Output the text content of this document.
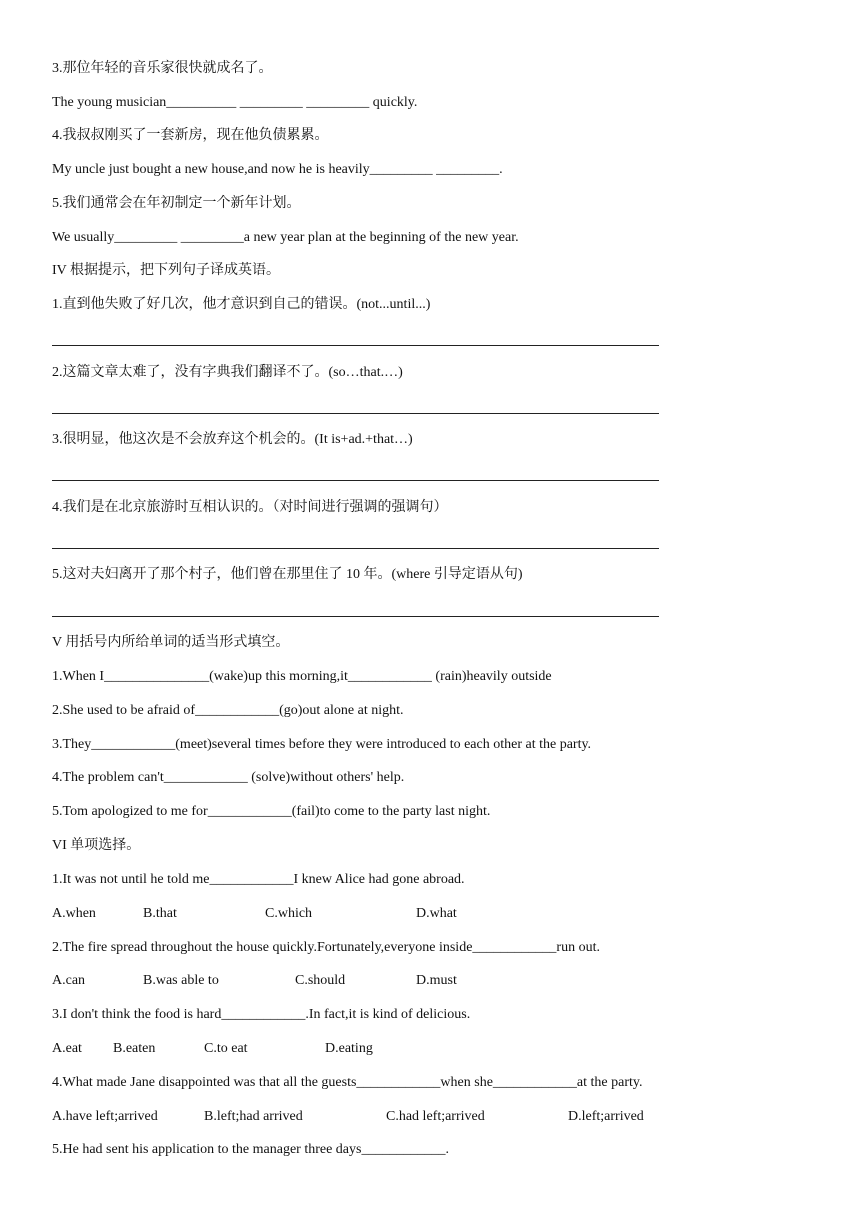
3.那位年轻的音乐家很快就成名了。
The young musician__________ _________ _________ quickly.
4.我叔叔刚买了一套新房，现在他负债累累。
My uncle just bought a new house,and now he is heavily_________ _________.
5.我们通常会在年初制定一个新年计划。
We usually_________ _________a new year plan at the beginning of the new year.
IV 根据提示，把下列句子译成英语。
1.直到他失败了好几次，他才意识到自己的错误。(not...until...)
2.这篇文章太难了，没有字典我们翻译不了。(so…that.…)
3.很明显，他这次是不会放弃这个机会的。(It is+ad.+that…)
4.我们是在北京旅游时互相认识的。（对时间进行强调的强调句）
5.这对夫妇离开了那个村子，他们曾在那里住了 10 年。(where 引导定语从句)
V 用括号内所给单词的适当形式填空。
1.When I_______________(wake)up this morning,it____________ (rain)heavily outside
2.She used to be afraid of____________(go)out alone at night.
3.They____________(meet)several times before they were introduced to each other at the party.
4.The problem can't____________ (solve)without others' help.
5.Tom apologized to me for____________(fail)to come to the party last night.
VI 单项选择。
1.It was not until he told me____________I knew Alice had gone abroad.
A.when	B.that	C.which	D.what
2.The fire spread throughout the house quickly.Fortunately,everyone inside____________run out.
A.can	B.was able to	C.should	D.must
3.I don't think the food is hard____________.In fact,it is kind of delicious.
A.eat B.eaten	C.to eat	D.eating
4.What made Jane disappointed was that all the guests____________when she____________at the party.
A.have left;arrived	B.left;had arrived	C.had left;arrived	D.left;arrived
5.He had sent his application to the manager three days____________.
